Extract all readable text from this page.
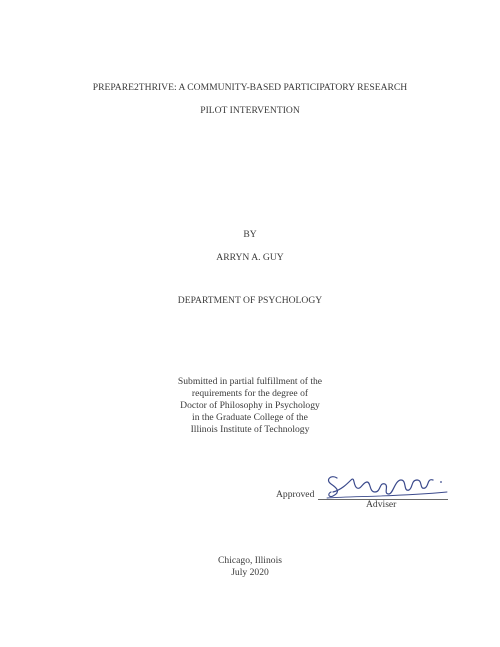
PREPARE2THRIVE: A COMMUNITY-BASED PARTICIPATORY RESEARCH
PILOT INTERVENTION
BY
ARRYN A. GUY
DEPARTMENT OF PSYCHOLOGY
Submitted in partial fulfillment of the
requirements for the degree of
Doctor of Philosophy in Psychology
in the Graduate College of the
Illinois Institute of Technology
Approved
Adviser
Chicago, Illinois
July 2020
